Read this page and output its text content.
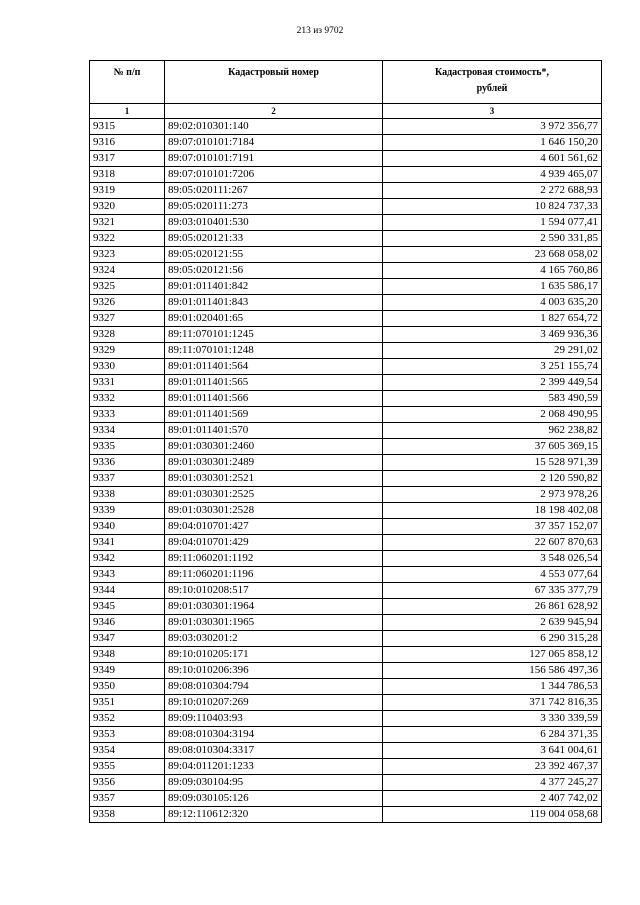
213 из 9702
№ п/п	Кадастровый номер	Кадастровая стоимость*,
рублей

1	2	3
9315	89:02:010301:140	3 972 356,77
9316	89:07:010101:7184	1 646 150,20
9317	89:07:010101:7191	4 601 561,62
9318	89:07:010101:7206	4 939 465,07
9319	89:05:020111:267	2 272 688,93
9320	89:05:020111:273	10 824 737,33
9321	89:03:010401:530	1 594 077,41
9322	89:05:020121:33	2 590 331,85
9323	89:05:020121:55	23 668 058,02
9324	89:05:020121:56	4 165 760,86
9325	89:01:011401:842	1 635 586,17
9326	89:01:011401:843	4 003 635,20
9327	89:01:020401:65	1 827 654,72
9328	89:11:070101:1245	3 469 936,36
9329	89:11:070101:1248	29 291,02
9330	89:01:011401:564	3 251 155,74
9331	89:01:011401:565	2 399 449,54
9332	89:01:011401:566	583 490,59
9333	89:01:011401:569	2 068 490,95
9334	89:01:011401:570	962 238,82
9335	89:01:030301:2460	37 605 369,15
9336	89:01:030301:2489	15 528 971,39
9337	89:01:030301:2521	2 120 590,82
9338	89:01:030301:2525	2 973 978,26
9339	89:01:030301:2528	18 198 402,08
9340	89:04:010701:427	37 357 152,07
9341	89:04:010701:429	22 607 870,63
9342	89:11:060201:1192	3 548 026,54
9343	89:11:060201:1196	4 553 077,64
9344	89:10:010208:517	67 335 377,79
9345	89:01:030301:1964	26 861 628,92
9346	89:01:030301:1965	2 639 945,94
9347	89:03:030201:2	6 290 315,28
9348	89:10:010205:171	127 065 858,12
9349	89:10:010206:396	156 586 497,36
9350	89:08:010304:794	1 344 786,53
9351	89:10:010207:269	371 742 816,35
9352	89:09:110403:93	3 330 339,59
9353	89:08:010304:3194	6 284 371,35
9354	89:08:010304:3317	3 641 004,61
9355	89:04:011201:1233	23 392 467,37
9356	89:09:030104:95	4 377 245,27
9357	89:09:030105:126	2 407 742,02
9358	89:12:110612:320	119 004 058,68
